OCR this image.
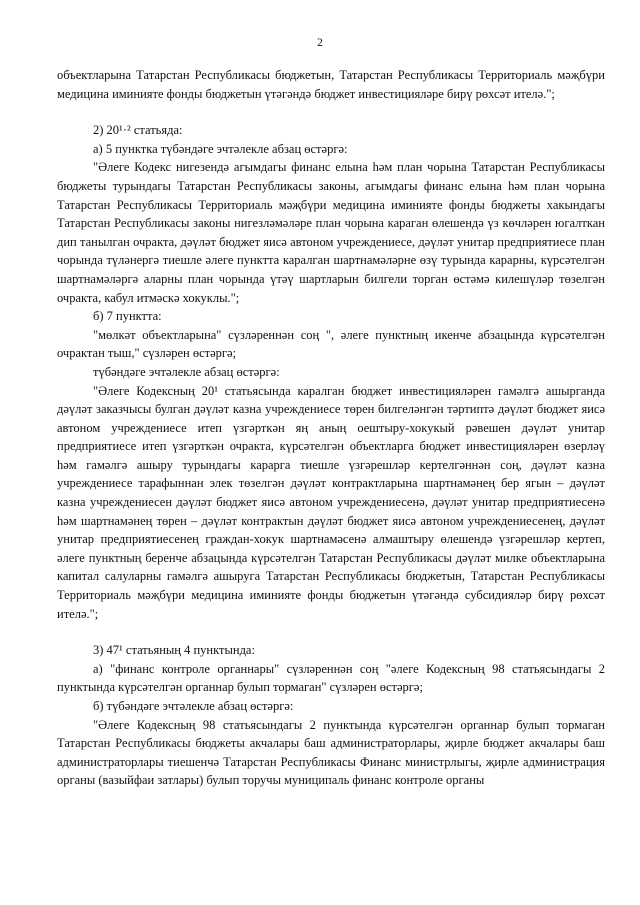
2

объектларына Татарстан Республикасы бюджетын, Татарстан Республикасы Территориаль мәҗбүри медицина иминияте фонды бюджетын үтәгәндә бюджет инвестицияләре бирү рөхсәт ителә.";

2) 20¹·² статьяда:

а) 5 пунктка түбәндәге эчтәлекле абзац өстәргә:

"Әлеге Кодекс нигезендә агымдагы финанс елына һәм план чорына Татарстан Республикасы бюджеты турындагы Татарстан Республикасы законы, агымдагы финанс елына һәм план чорына Татарстан Республикасы Территориаль мәҗбүри медицина иминияте фонды бюджеты хакындагы Татарстан Республикасы законы нигезләмәләре план чорына караган өлешендә үз көчләрен югалткан дип танылган очракта, дәүләт бюджет яисә автоном учреждениесе, дәүләт унитар предприятиесе план чорында түләнергә тиешле әлеге пунктта каралган шартнамәләрне өзү турында карарны, күрсәтелгән шартнамәләргә аларны план чорында үтәү шартларын билгели торган өстәмә килешүләр төзелгән очракта, кабул итмәскә хокуклы.";

б) 7 пунктта:

"мөлкәт объектларына" сүзләреннән соң ", әлеге пунктның икенче абзацында күрсәтелгән очрактан тыш," сүзләрен өстәргә;

түбәндәге эчтәлекле абзац өстәргә:

"Әлеге Кодексның 20¹ статьясында каралган бюджет инвестицияләрен гамәлгә ашырганда дәүләт заказчысы булган дәүләт казна учреждениесе төрен билгеләнгән тәртиптә дәүләт бюджет яисә автоном учреждениесе итеп үзгәрткән яң аның оештыру-хокукый рәвешен дәүләт унитар предприятиесе итеп үзгәрткән очракта, күрсәтелгән объектларга бюджет инвестицияләрен өзерләү һәм гамәлгә ашыру турындагы карарга тиешле үзгәрешләр кертелгәннән соң, дәүләт казна учреждениесе тарафыннан элек төзелгән дәүләт контрактларына шартнамәнең бер ягын – дәүләт казна учреждениесен дәүләт бюджет яисә автоном учреждениесенә, дәүләт унитар предприятиесенә һәм шартнамәнең төрен – дәүләт контрактын дәүләт бюджет яисә автоном учреждениесенең, дәүләт унитар предприятиесенең граждан-хокук шартнамәсенә алмаштыру өлешендә үзгәрешләр кертеп, әлеге пунктның беренче абзацында күрсәтелгән Татарстан Республикасы дәүләт милке объектларына капитал салуларны гамәлгә ашыруга Татарстан Республикасы бюджетын, Татарстан Республикасы Территориаль мәҗбүри медицина иминияте фонды бюджетын үтәгәндә субсидияләр бирү рөхсәт ителә.";

3) 47¹ статьяның 4 пунктында:

а) "финанс контроле органнары" сүзләреннән соң "әлеге Кодексның 98 статьясындагы 2 пунктында күрсәтелгән органнар булып тормаган" сүзләрен өстәргә;

б) түбәндәге эчтәлекле абзац өстәргә:

"Әлеге Кодексның 98 статьясындагы 2 пунктында күрсәтелгән органнар булып тормаган Татарстан Республикасы бюджеты акчалары баш администраторлары, җирле бюджет акчалары баш администраторлары тиешенчә Татарстан Республикасы Финанс министрлыгы, җирле администрация органы (вазыйфаи затлары) булып торучы муниципаль финанс контроле органы
